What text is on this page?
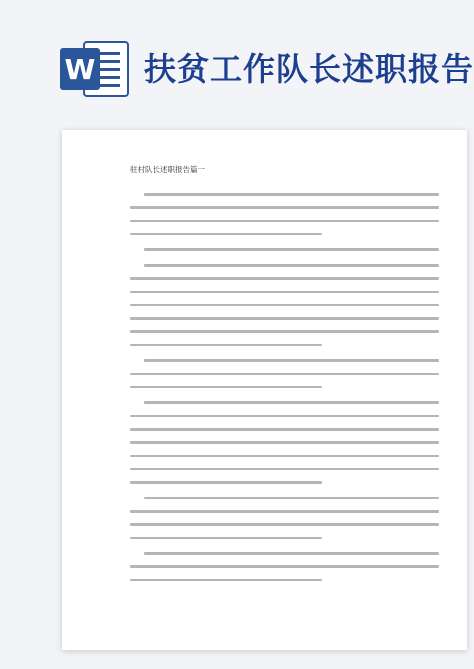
W 扶贫工作队长述职报告
驻村队长述职报告篇一
